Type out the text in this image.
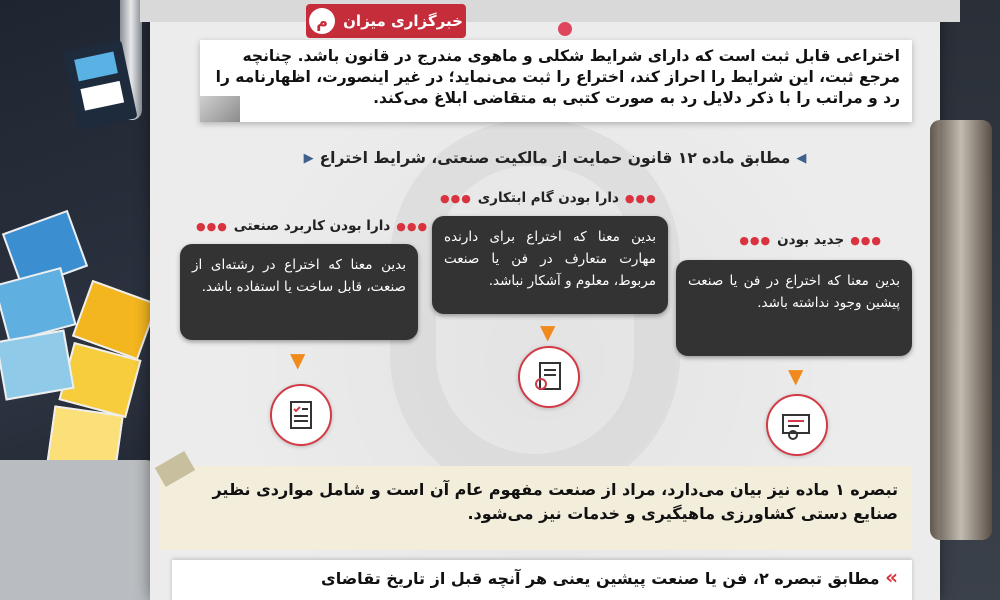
خبرگزاری میزان
م
اختراعی قابل ثبت است که دارای شرایط شکلی و ماهوی مندرج در قانون باشد. چنانچه مرجع ثبت، این شرایط را احراز کند، اختراع را ثبت می‌نماید؛ در غیر اینصورت، اظهارنامه را رد و مراتب را با ذکر دلایل رد به صورت کتبی به متقاضی ابلاغ می‌کند.
◀
مطابق ماده ۱۲ قانون حمایت از مالکیت صنعتی، شرایط اختراع
▶
●●●
جدید بودن
●●●
بدین معنا که اختراع در فن یا صنعت پیشین وجود نداشته باشد.
▼
●●●
دارا بودن گام ابتکاری
●●●
بدین معنا که اختراع برای دارنده مهارت متعارف در فن یا صنعت مربوط، معلوم و آشکار نباشد.
▼
●●●
دارا بودن کاربرد صنعتی
●●●
بدین معنا که اختراع در رشته‌ای از صنعت، قابل ساخت یا استفاده باشد.
▼
تبصره ۱ ماده نیز بیان می‌دارد، مراد از صنعت مفهوم عام آن است و شامل مواردی نظیر صنایع دستی کشاورزی ماهیگیری و خدمات نیز می‌شود.
» مطابق تبصره ۲، فن یا صنعت پیشین یعنی هر آنچه قبل از تاریخ تقاضای
